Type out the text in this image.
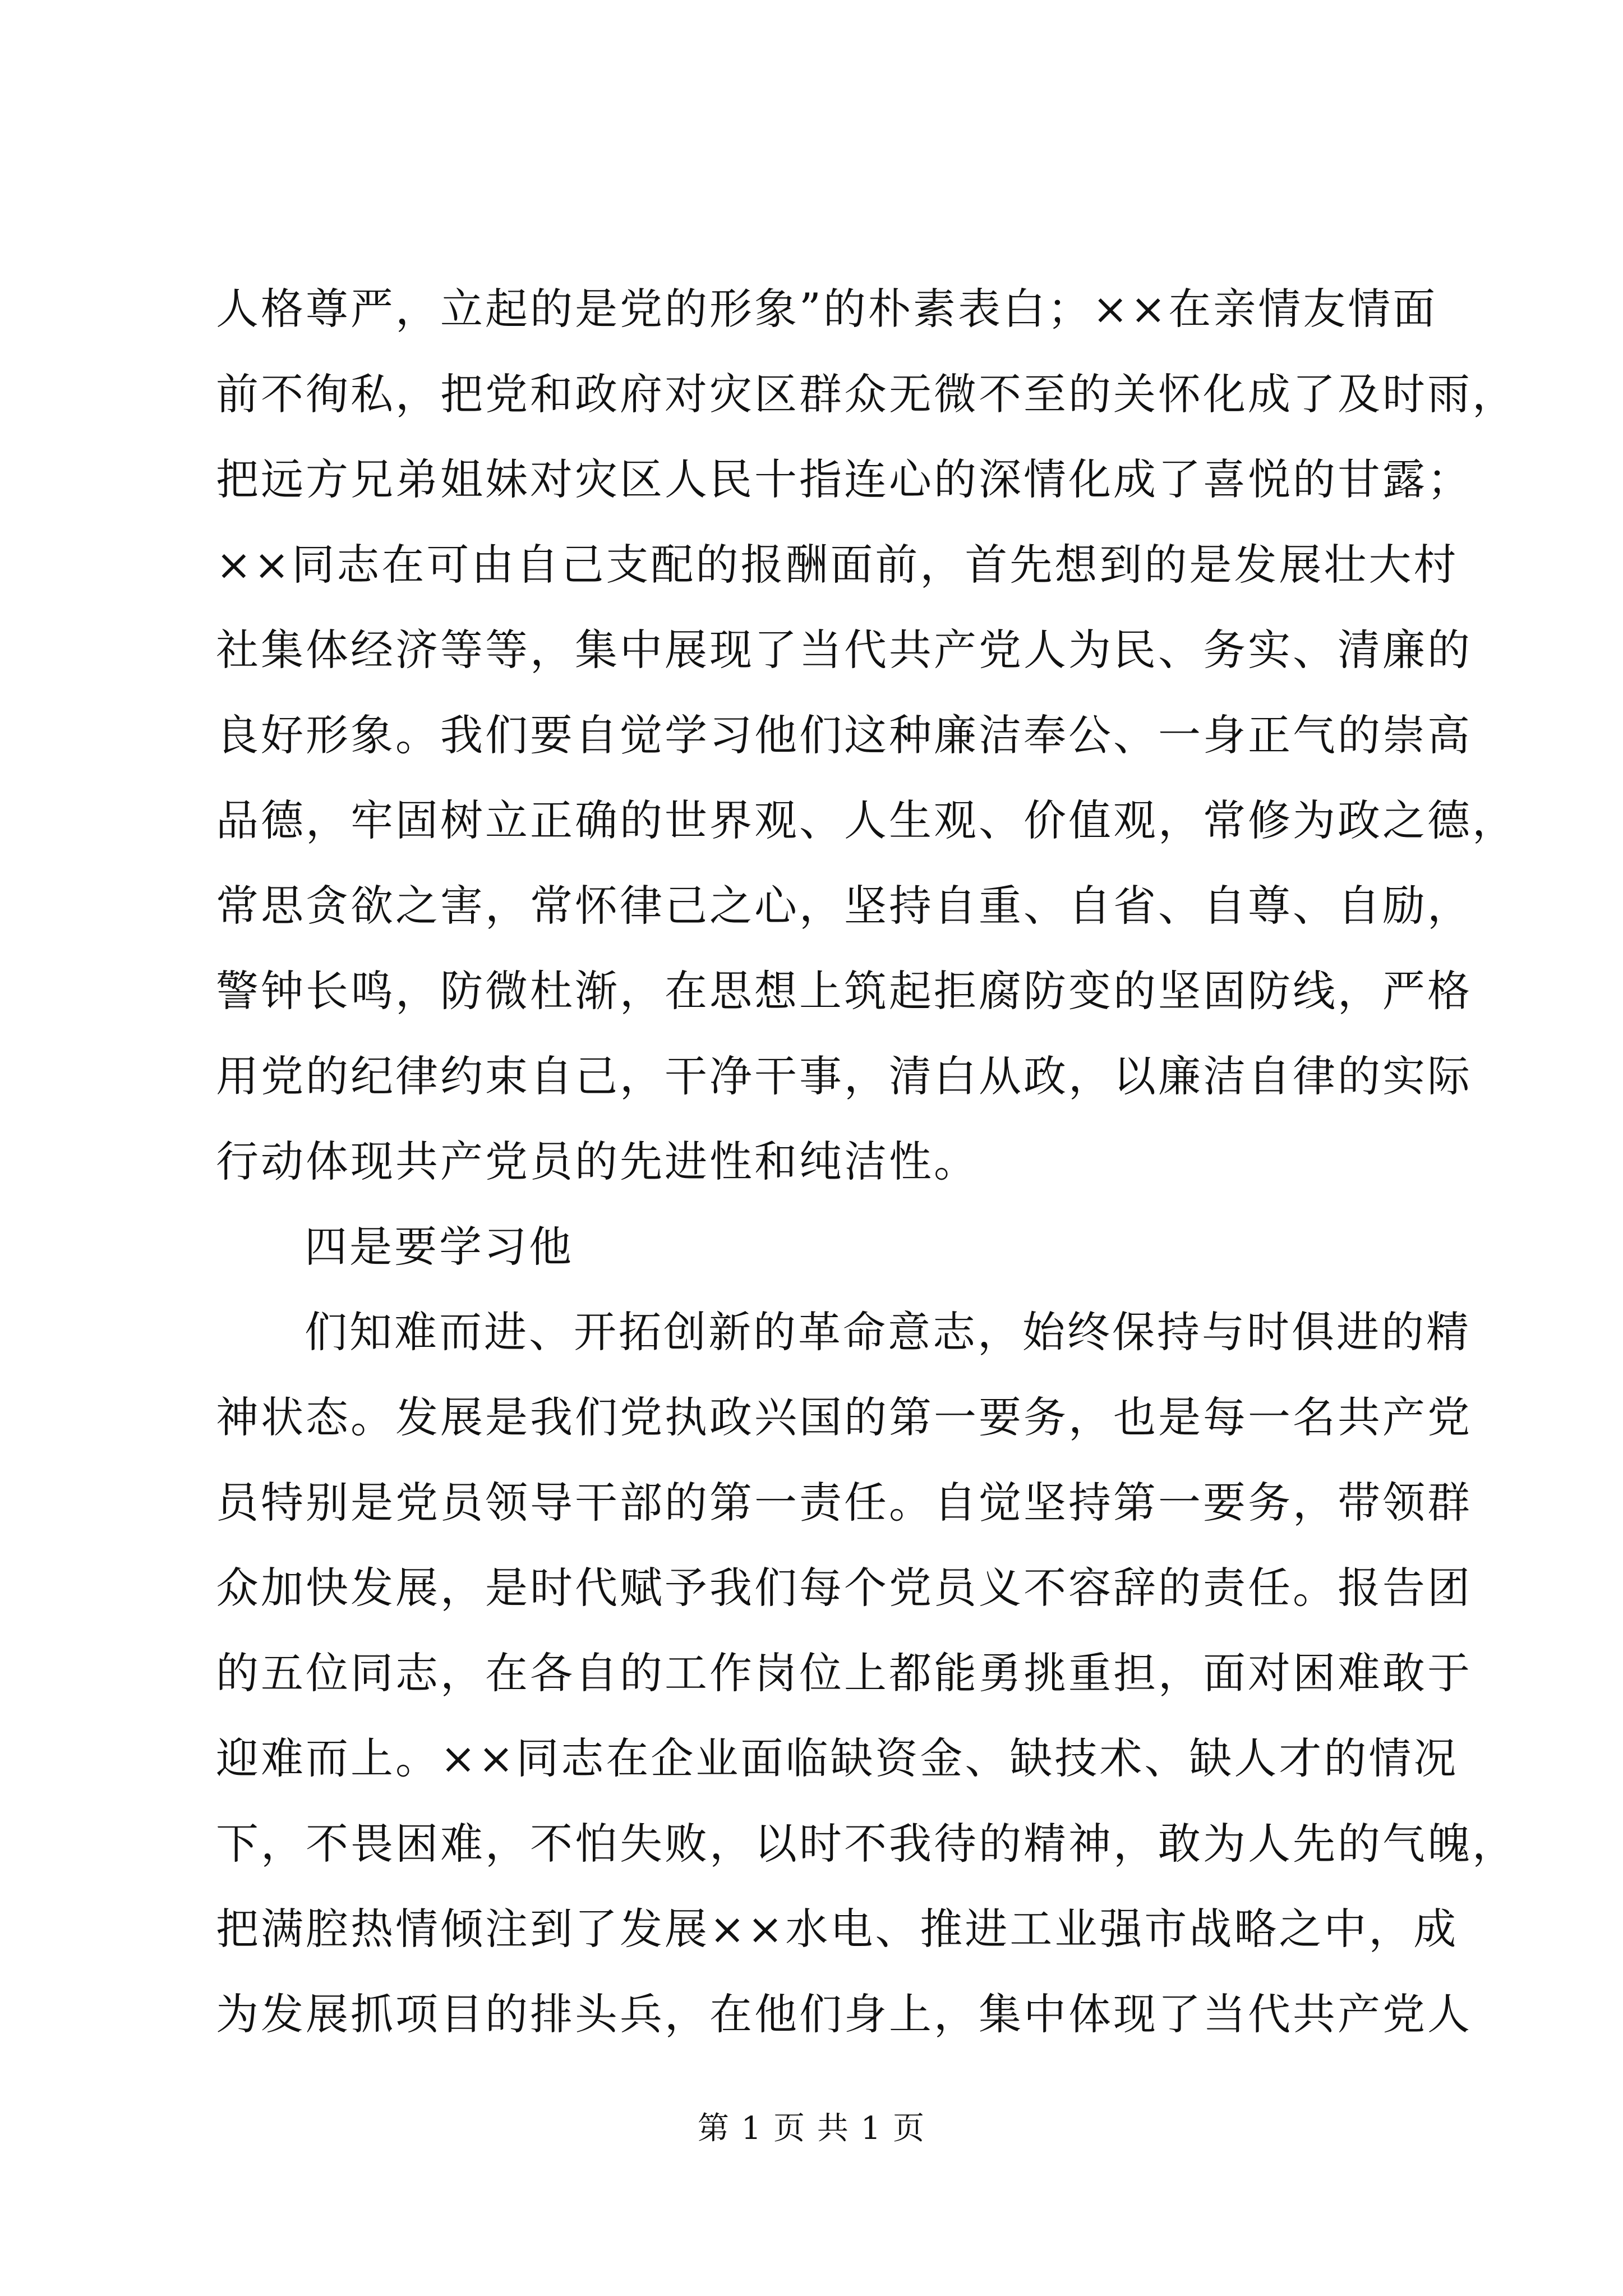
人格尊严，立起的是党的形象”的朴素表白；××在亲情友情面
前不徇私，把党和政府对灾区群众无微不至的关怀化成了及时雨，
把远方兄弟姐妹对灾区人民十指连心的深情化成了喜悦的甘露；
××同志在可由自己支配的报酬面前，首先想到的是发展壮大村
社集体经济等等，集中展现了当代共产党人为民、务实、清廉的
良好形象。我们要自觉学习他们这种廉洁奉公、一身正气的崇高
品德，牢固树立正确的世界观、人生观、价值观，常修为政之德，
常思贪欲之害，常怀律己之心，坚持自重、自省、自尊、自励，
警钟长鸣，防微杜渐，在思想上筑起拒腐防变的坚固防线，严格
用党的纪律约束自己，干净干事，清白从政，以廉洁自律的实际
行动体现共产党员的先进性和纯洁性。
四是要学习他
们知难而进、开拓创新的革命意志，始终保持与时俱进的精
神状态。发展是我们党执政兴国的第一要务，也是每一名共产党
员特别是党员领导干部的第一责任。自觉坚持第一要务，带领群
众加快发展，是时代赋予我们每个党员义不容辞的责任。报告团
的五位同志，在各自的工作岗位上都能勇挑重担，面对困难敢于
迎难而上。××同志在企业面临缺资金、缺技术、缺人才的情况
下，不畏困难，不怕失败，以时不我待的精神，敢为人先的气魄，
把满腔热情倾注到了发展××水电、推进工业强市战略之中，成
为发展抓项目的排头兵，在他们身上，集中体现了当代共产党人
第 1 页 共 1 页
